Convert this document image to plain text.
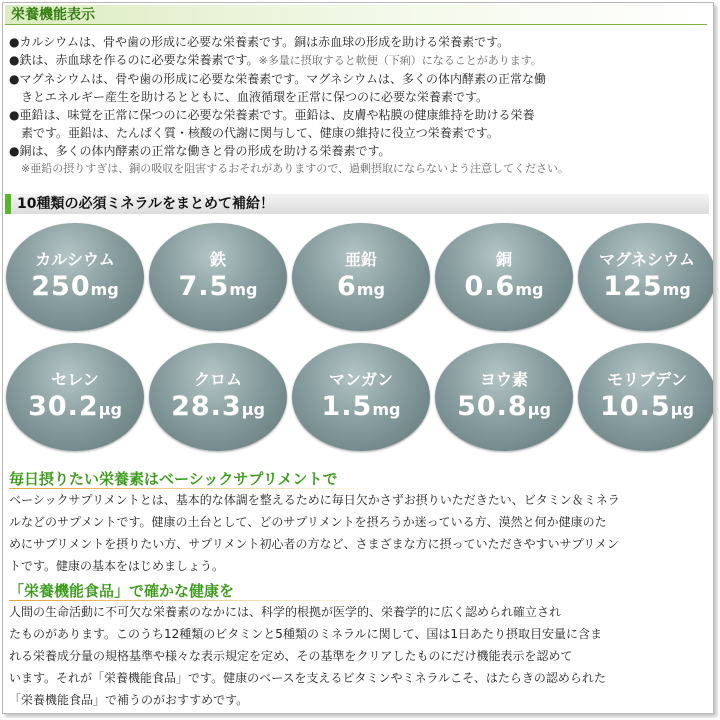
栄養機能表示
●カルシウムは、骨や歯の形成に必要な栄養素です。銅は赤血球の形成を助ける栄養素です。
●鉄は、赤血球を作るのに必要な栄養素です。※多量に摂取すると軟便（下痢）になることがあります。
●マグネシウムは、骨や歯の形成に必要な栄養素です。マグネシウムは、多くの体内酵素の正常な働
きとエネルギー産生を助けるとともに、血液循環を正常に保つのに必要な栄養素です。
●亜鉛は、味覚を正常に保つのに必要な栄養素です。亜鉛は、皮膚や粘膜の健康維持を助ける栄養
素です。亜鉛は、たんぱく質・核酸の代謝に関与して、健康の維持に役立つ栄養素です。
●銅は、多くの体内酵素の正常な働きと骨の形成を助ける栄養素です。
※亜鉛の摂りすぎは、銅の吸収を阻害するおそれがありますので、過剰摂取にならないよう注意してください。
10種類の必須ミネラルをまとめて補給！
カルシウム
250mg
鉄
7.5mg
亜鉛
6mg
銅
0.6mg
マグネシウム
125mg
セレン
30.2μg
クロム
28.3μg
マンガン
1.5mg
ヨウ素
50.8μg
モリブデン
10.5μg
毎日摂りたい栄養素はベーシックサプリメントで
ベーシックサプリメントとは、基本的な体調を整えるために毎日欠かさずお摂りいただきたい、ビタミン＆ミネラ
ルなどのサプメントです。健康の土台として、どのサプリメントを摂ろうか迷っている方、漠然と何か健康のた
めにサプリメントを摂りたい方、サプリメント初心者の方など、さまざまな方に摂っていただきやすいサプリメン
トです。健康の基本をはじめましょう。
「栄養機能食品」で確かな健康を
人間の生命活動に不可欠な栄養素のなかには、科学的根拠が医学的、栄養学的に広く認められ確立され
たものがあります。このうち12種類のビタミンと5種類のミネラルに関して、国は1日あたり摂取目安量に含ま
れる栄養成分量の規格基準や様々な表示規定を定め、その基準をクリアしたものにだけ機能表示を認めて
います。それが「栄養機能食品」です。健康のベースを支えるビタミンやミネラルこそ、はたらきの認められた
「栄養機能食品」で補うのがおすすめです。
